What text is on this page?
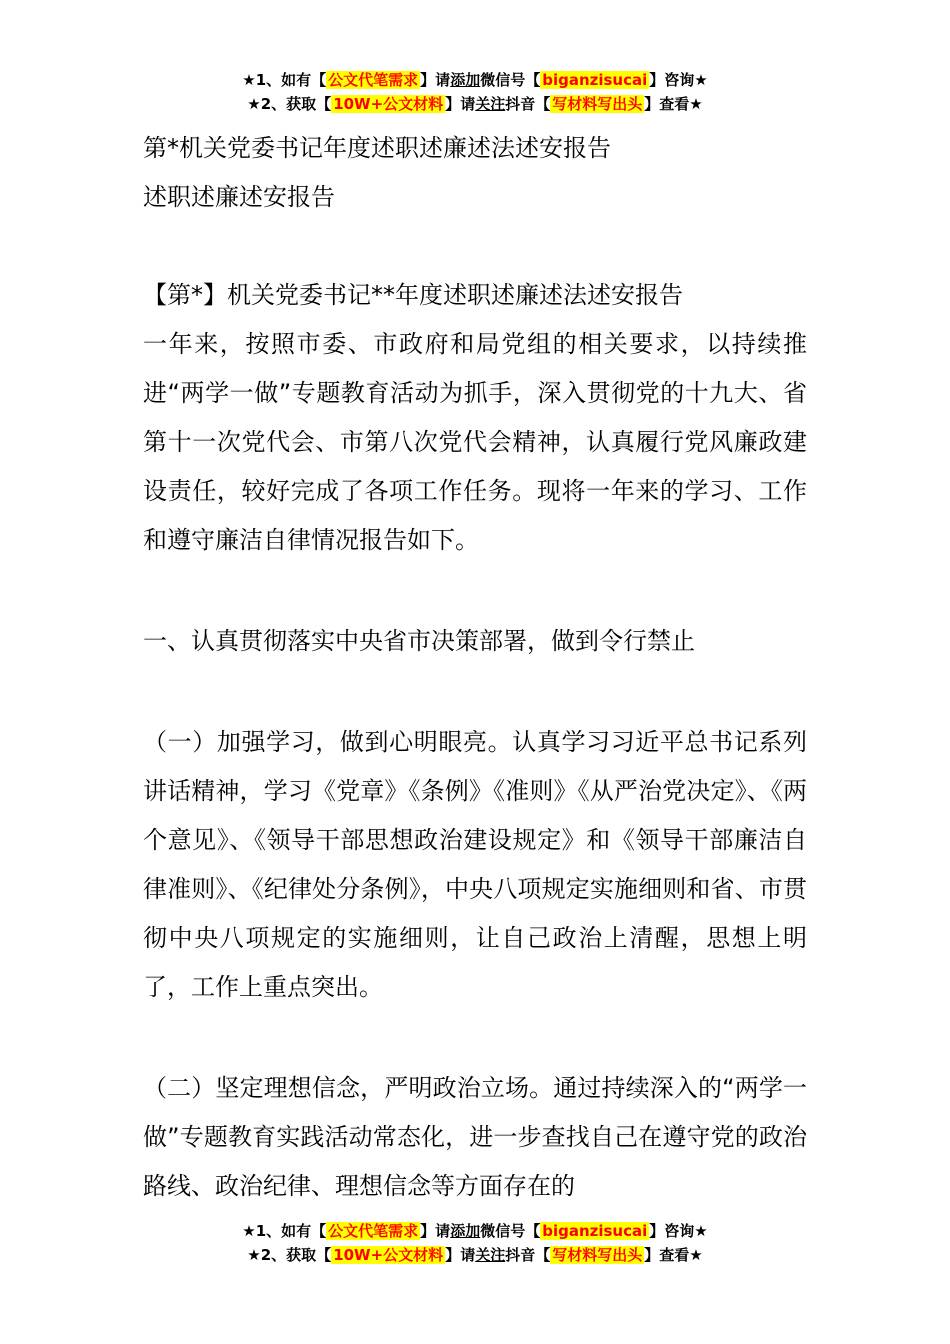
★1、如有【 公文代笔需求 】请添加微信号【 biganzisucai 】咨询★
★2、获取【 10W+公文材料 】请关注抖音【 写材料写出头 】查看★

第*机关党委书记年度述职述廉述法述安报告

述职述廉述安报告

【第*】机关党委书记**年度述职述廉述法述安报告

一年来，按照市委、市政府和局党组的相关要求，以持续推进“两学一做”专题教育活动为抓手，深入贯彻党的十九大、省第十一次党代会、市第八次党代会精神，认真履行党风廉政建设责任，较好完成了各项工作任务。现将一年来的学习、工作和遵守廉洁自律情况报告如下。

一、认真贯彻落实中央省市决策部署，做到令行禁止

（一）加强学习，做到心明眼亮。认真学习习近平总书记系列讲话精神，学习《党章》《条例》《准则》《从严治党决定》、《两个意见》、《领导干部思想政治建设规定》和《领导干部廉洁自律准则》、《纪律处分条例》，中央八项规定实施细则和省、市贯彻中央八项规定的实施细则，让自己政治上清醒，思想上明了，工作上重点突出。

（二）坚定理想信念，严明政治立场。通过持续深入的“两学一做”专题教育实践活动常态化，进一步查找自己在遵守党的政治路线、政治纪律、理想信念等方面存在的

★1、如有【 公文代笔需求 】请添加微信号【 biganzisucai 】咨询★
★2、获取【 10W+公文材料 】请关注抖音【 写材料写出头 】查看★
